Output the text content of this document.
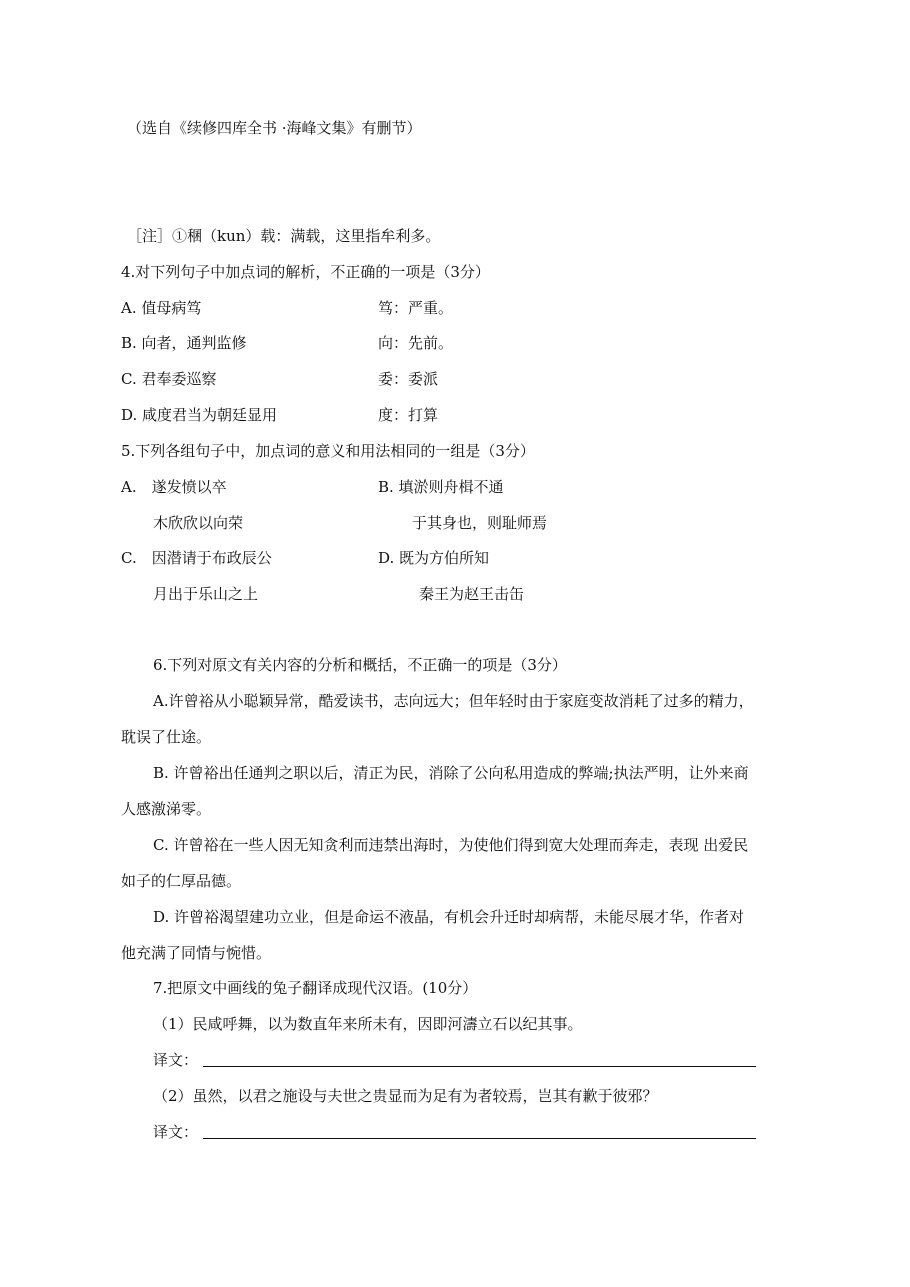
（选自《续修四库全书 ·海峰文集》有删节）
［注］①稛（kun）载：满载，这里指牟利多。
4.对下列句子中加点词的解析，不正确的一项是（3分）
A. 值母病笃	笃：严重。
B. 向者，通判监修	向：先前。
C. 君奉委巡察	委：委派
D. 咸度君当为朝廷显用	度：打算
5.下列各组句子中，加点词的意义和用法相同的一组是（3分）
A.　遂发愤以卒	B. 填淤则舟楫不通
木欣欣以向荣	于其身也，则耻师焉
C.　因潜请于布政辰公	D. 既为方伯所知
月出于乐山之上	秦王为赵王击缶
6.下列对原文有关内容的分析和概括，不正确一的项是（3分）
A.许曾裕从小聪颖异常，酷爱读书，志向远大；但年轻时由于家庭变故消耗了过多的精力，
耽误了仕途。
B. 许曾裕出任通判之职以后，清正为民，消除了公向私用造成的弊端;执法严明，让外来商
人感激涕零。
C. 许曾裕在一些人因无知贪利而违禁出海时，为使他们得到宽大处理而奔走，表现 出爱民
如子的仁厚品德。
D. 许曾裕渴望建功立业，但是命运不液晶，有机会升迁时却病帮，未能尽展才华，作者对
他充满了同情与惋惜。
7.把原文中画线的兔子翻译成现代汉语。(10分）
（1）民咸呼舞，以为数直年来所未有，因即河濤立石以纪其事。
译文：
（2）虽然，以君之施设与夫世之贵显而为足有为者较焉，岂其有歉于彼邪？
译文：
